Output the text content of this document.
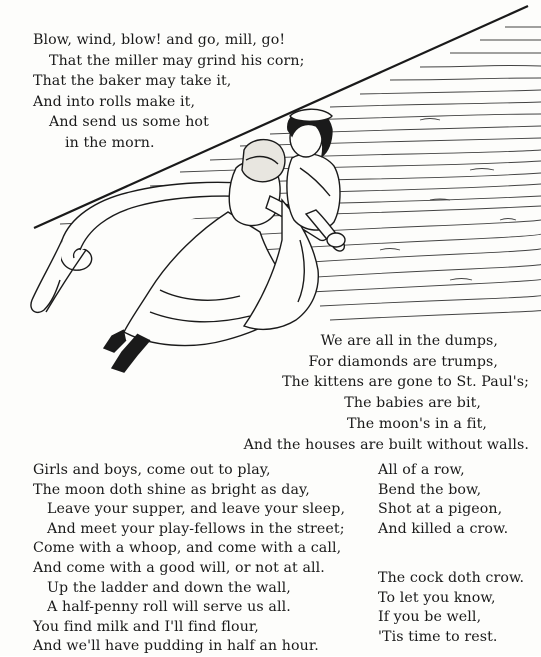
Blow, wind, blow! and go, mill, go!
That the miller may grind his corn;
That the baker may take it,
And into rolls make it,
And send us some hot
in the morn.
We are all in the dumps,
For diamonds are trumps,
The kittens are gone to St. Paul's;
The babies are bit,
The moon's in a fit,
And the houses are built without walls.
Girls and boys, come out to play,
The moon doth shine as bright as day,
Leave your supper, and leave your sleep,
And meet your play-fellows in the street;
Come with a whoop, and come with a call,
And come with a good will, or not at all.
Up the ladder and down the wall,
A half-penny roll will serve us all.
You find milk and I'll find flour,
And we'll have pudding in half an hour.
All of a row,
Bend the bow,
Shot at a pigeon,
And killed a crow.
The cock doth crow.
To let you know,
If you be well,
'Tis time to rest.
